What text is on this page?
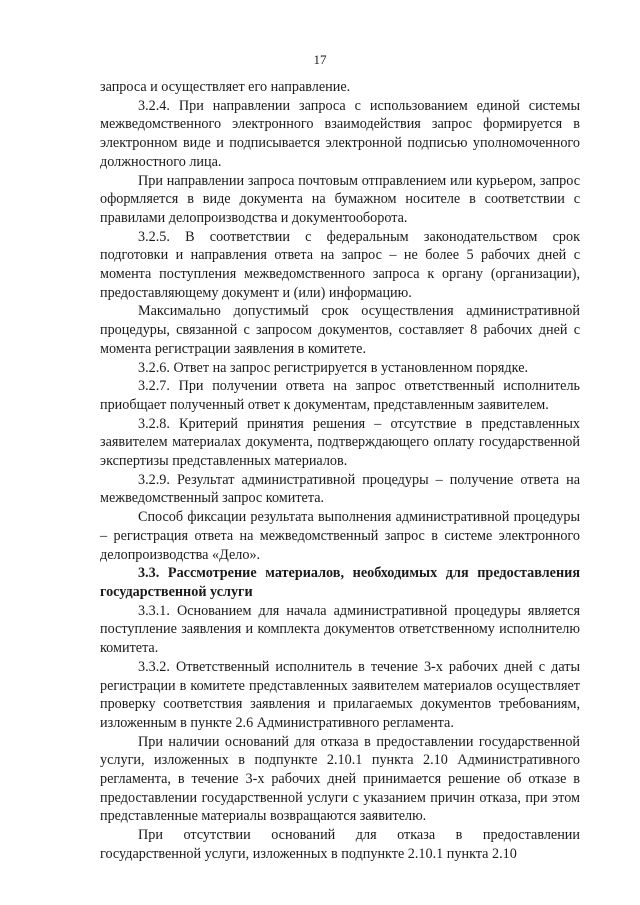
17

запроса и осуществляет его направление.

3.2.4. При направлении запроса с использованием единой системы межведомственного электронного взаимодействия запрос формируется в электронном виде и подписывается электронной подписью уполномоченного должностного лица.

При направлении запроса почтовым отправлением или курьером, запрос оформляется в виде документа на бумажном носителе в соответствии с правилами делопроизводства и документооборота.

3.2.5. В соответствии с федеральным законодательством срок подготовки и направления ответа на запрос – не более 5 рабочих дней с момента поступления межведомственного запроса к органу (организации), предоставляющему документ и (или) информацию.

Максимально допустимый срок осуществления административной процедуры, связанной с запросом документов, составляет 8 рабочих дней с момента регистрации заявления в комитете.

3.2.6. Ответ на запрос регистрируется в установленном порядке.

3.2.7. При получении ответа на запрос ответственный исполнитель приобщает полученный ответ к документам, представленным заявителем.

3.2.8. Критерий принятия решения – отсутствие в представленных заявителем материалах документа, подтверждающего оплату государственной экспертизы представленных материалов.

3.2.9. Результат административной процедуры – получение ответа на межведомственный запрос комитета.

Способ фиксации результата выполнения административной процедуры – регистрация ответа на межведомственный запрос в системе электронного делопроизводства «Дело».

3.3. Рассмотрение материалов, необходимых для предоставления государственной услуги

3.3.1. Основанием для начала административной процедуры является поступление заявления и комплекта документов ответственному исполнителю комитета.

3.3.2. Ответственный исполнитель в течение 3-х рабочих дней с даты регистрации в комитете представленных заявителем материалов осуществляет проверку соответствия заявления и прилагаемых документов требованиям, изложенным в пункте 2.6 Административного регламента.

При наличии оснований для отказа в предоставлении государственной услуги, изложенных в подпункте 2.10.1 пункта 2.10 Административного регламента, в течение 3-х рабочих дней принимается решение об отказе в предоставлении государственной услуги с указанием причин отказа, при этом представленные материалы возвращаются заявителю.

При отсутствии оснований для отказа в предоставлении государственной услуги, изложенных в подпункте 2.10.1 пункта 2.10
